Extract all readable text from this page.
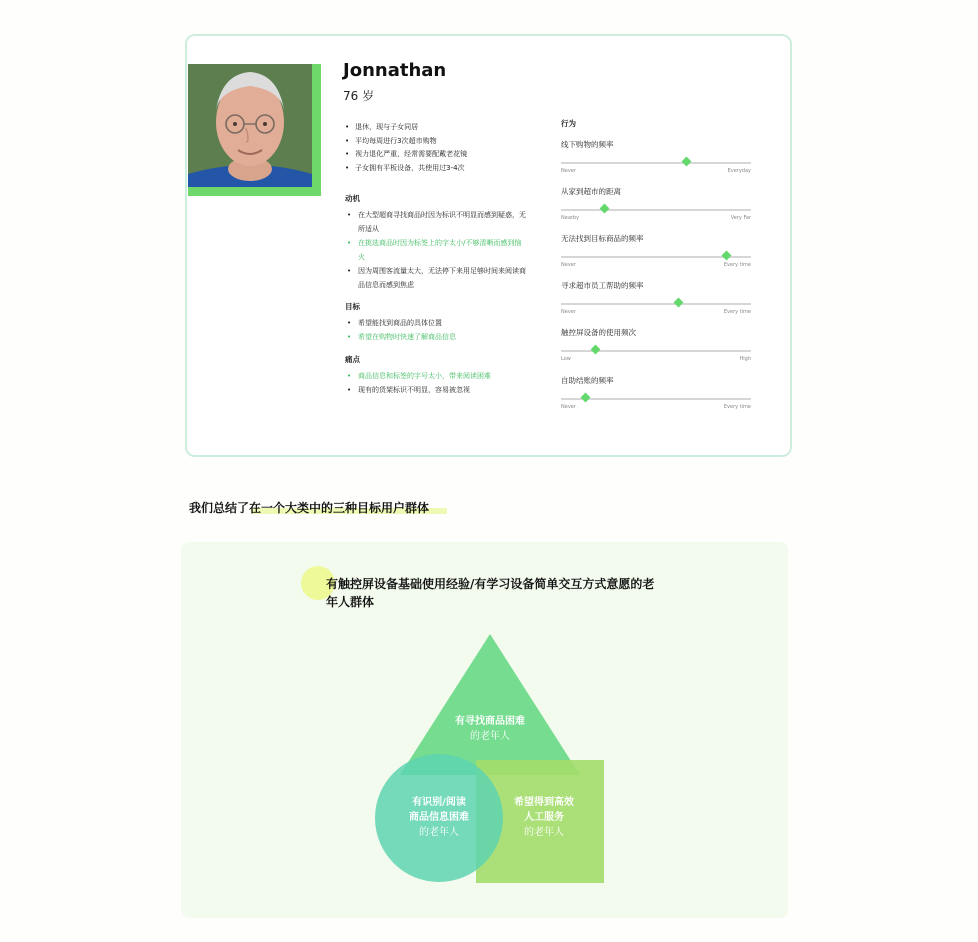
Jonnathan
76 岁
• 退休，现与子女同居
• 平均每周进行3次超市购物
• 视力退化严重，经常需要配戴老花镜
• 子女拥有平板设备，共使用过3-4次
动机
• 在大型超商寻找商品时因为标识不明显而感到疑惑，无所适从
• 在挑选商品时因为标签上的字太小/不够清晰而感到恼火
• 因为周围客流量太大，无法停下来用足够时间来阅读商品信息而感到焦虑
目标
• 希望能找到商品的具体位置
• 希望在购物时快速了解商品信息
痛点
• 商品信息和标签的字号太小，带来阅读困难
• 现有的货架标识不明显，容易被忽视
行为
线下购物的频率
Never	Everyday
从家到超市的距离
Nearby	Very Far
无法找到目标商品的频率
Never	Every time
寻求超市员工帮助的频率
Never	Every time
触控屏设备的使用频次
Low	High
自助结账的频率
Never	Every time
我们总结了在一个大类中的三种目标用户群体
有触控屏设备基础使用经验/有学习设备简单交互方式意愿的老年人群体
有寻找商品困难
的老年人
有识别/阅读
商品信息困难
的老年人
希望得到高效
人工服务
的老年人
